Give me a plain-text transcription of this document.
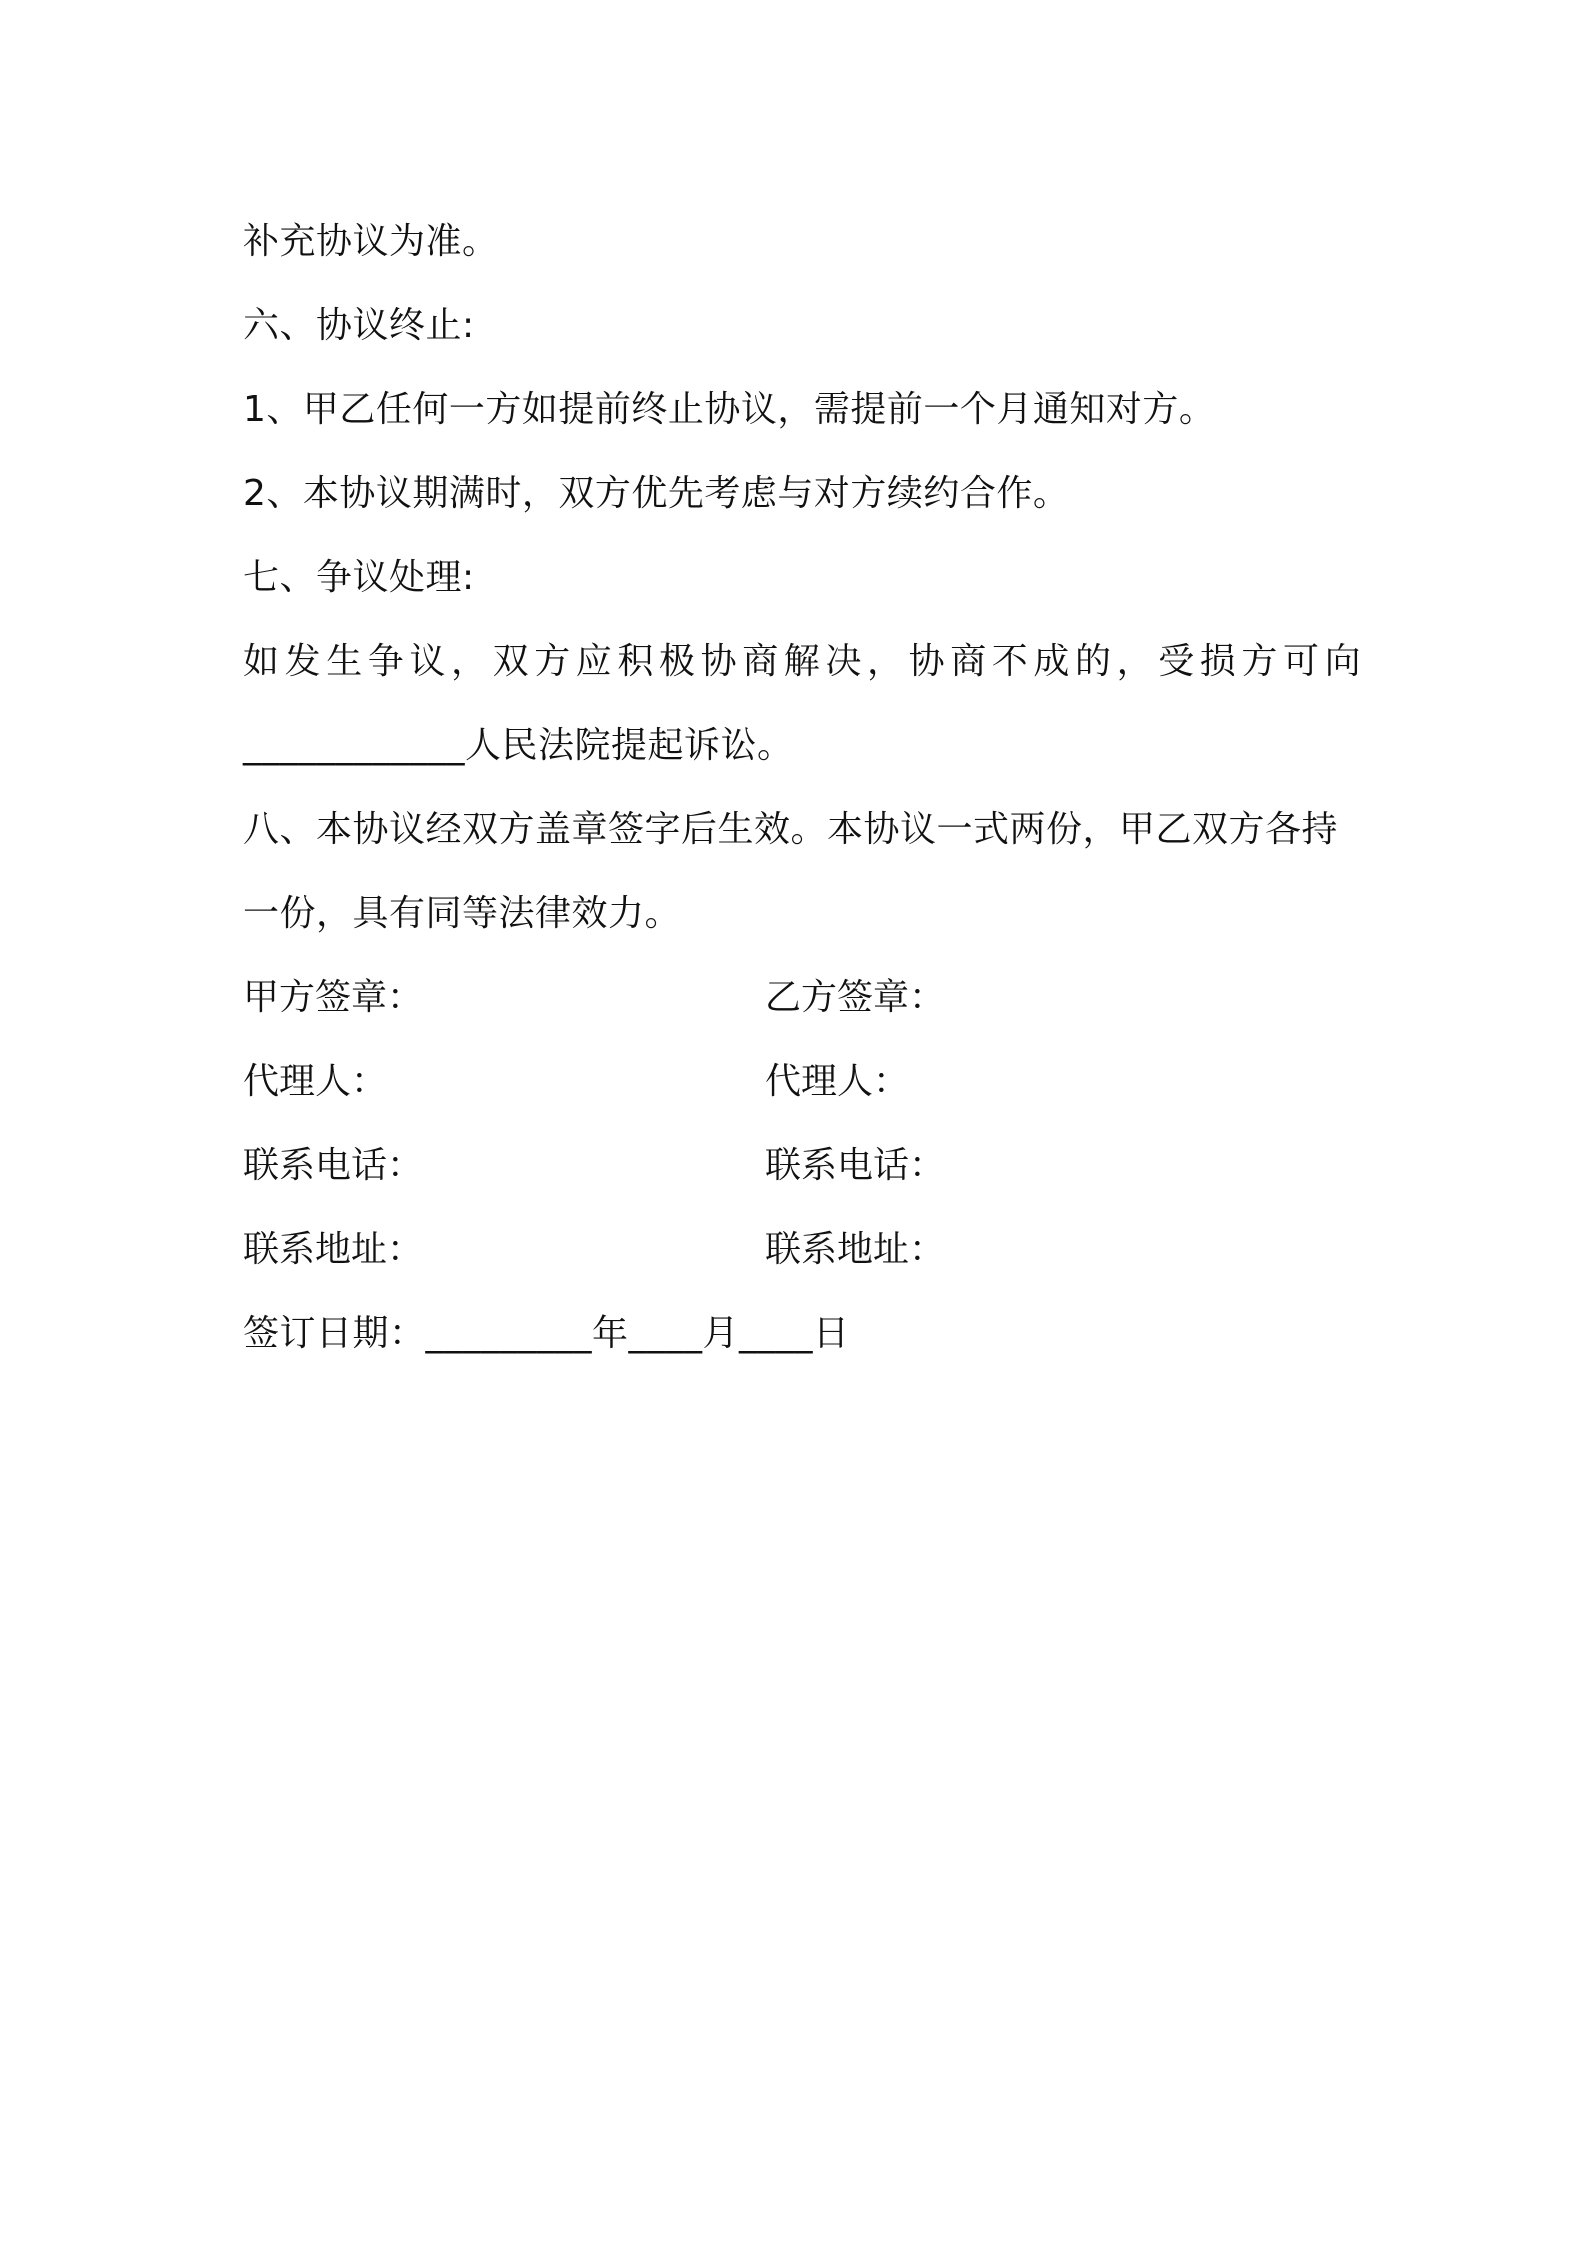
补充协议为准。
六、协议终止:
1、甲乙任何一方如提前终止协议，需提前一个月通知对方。
2、本协议期满时，双方优先考虑与对方续约合作。
七、争议处理:
如发生争议，双方应积极协商解决，协商不成的，受损方可向
____________人民法院提起诉讼。
八、本协议经双方盖章签字后生效。本协议一式两份，甲乙双方各持
一份，具有同等法律效力。
甲方签章：	乙方签章：
代理人：	代理人：
联系电话：	联系电话：
联系地址：	联系地址：
签订日期：_________年____月____日
